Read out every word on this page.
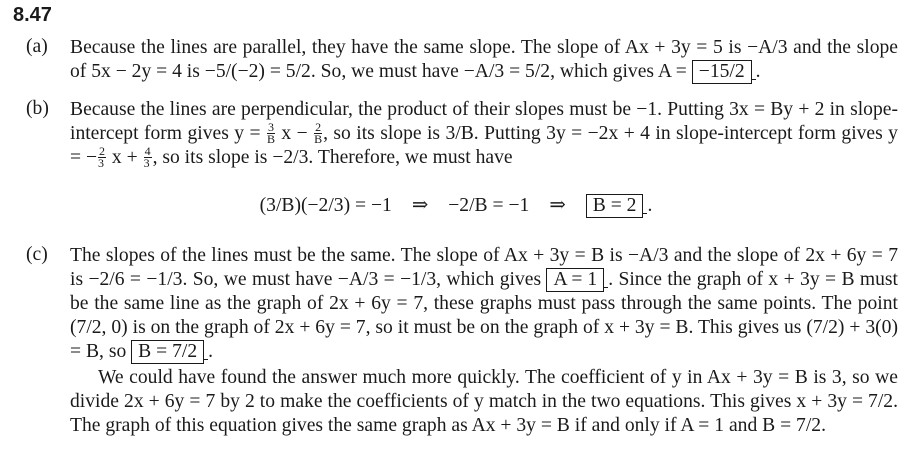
8.47
(a) Because the lines are parallel, they have the same slope. The slope of Ax + 3y = 5 is −A/3 and the slope of 5x − 2y = 4 is −5/(−2) = 5/2. So, we must have −A/3 = 5/2, which gives A = −15/2 .
(b) Because the lines are perpendicular, the product of their slopes must be −1. Putting 3x = By + 2 in slope-intercept form gives $y = \frac{3}{B}$ $x - \frac{2}{B}$ , so its slope is 3/B. Putting 3y = −2x + 4 in slope-intercept form gives y = − $\frac{2}{3}$ $x + \frac{4}{3}$ , so its slope is −2/3. Therefore, we must have
(3/B)(−2/3) = −1 ⇒ −2/B = −1 ⇒ B = 2 .
(c) The slopes of the lines must be the same. The slope of Ax + 3y = B is −A/3 and the slope of 2x + 6y = 7 is −2/6 = −1/3. So, we must have −A/3 = −1/3, which gives A = 1 . Since the graph of x + 3y = B must be the same line as the graph of 2x + 6y = 7, these graphs must pass through the same points. The point (7/2, 0) is on the graph of 2x + 6y = 7, so it must be on the graph of x + 3y = B. This gives us (7/2) + 3(0) = B, so B = 7/2 .

We could have found the answer much more quickly. The coefficient of y in Ax + 3y = B is 3, so we divide 2x + 6y = 7 by 2 to make the coefficients of y match in the two equations. This gives x + 3y = 7/2. The graph of this equation gives the same graph as Ax + 3y = B if and only if A = 1 and B = 7/2.
